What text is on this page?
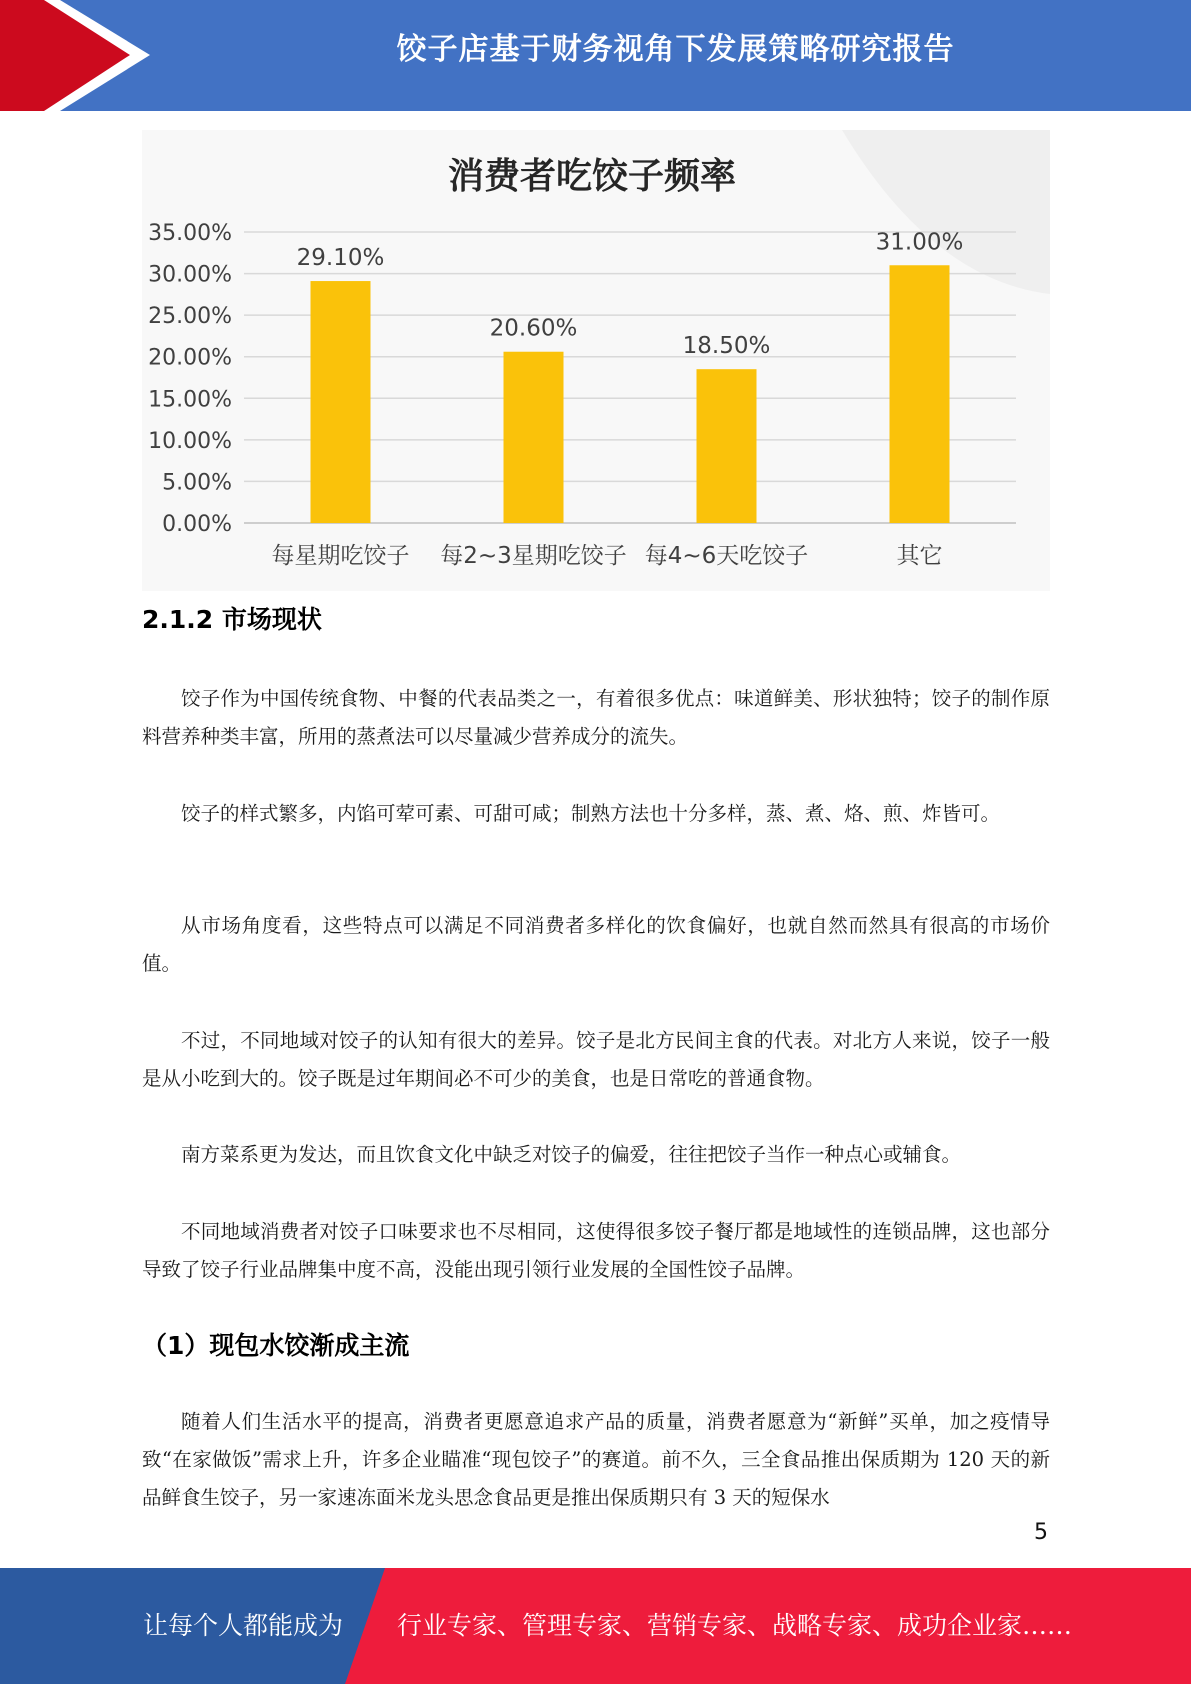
饺子店基于财务视角下发展策略研究报告
消费者吃饺子频率
0.00%
5.00%
10.00%
15.00%
20.00%
25.00%
30.00%
35.00%
29.10%
20.60%
18.50%
31.00%
每星期吃饺子 每2~3星期吃饺子 每4~6天吃饺子	其它
2.1.2 市场现状

饺子作为中国传统食物、中餐的代表品类之一，有着很多优点：味道鲜美、形状独特；饺子的制作原料营养种类丰富，所用的蒸煮法可以尽量减少营养成分的流失。

饺子的样式繁多，内馅可荤可素、可甜可咸；制熟方法也十分多样，蒸、煮、烙、煎、炸皆可。

从市场角度看，这些特点可以满足不同消费者多样化的饮食偏好，也就自然而然具有很高的市场价值。

不过，不同地域对饺子的认知有很大的差异。饺子是北方民间主食的代表。对北方人来说，饺子一般是从小吃到大的。饺子既是过年期间必不可少的美食，也是日常吃的普通食物。

南方菜系更为发达，而且饮食文化中缺乏对饺子的偏爱，往往把饺子当作一种点心或辅食。

不同地域消费者对饺子口味要求也不尽相同，这使得很多饺子餐厅都是地域性的连锁品牌，这也部分导致了饺子行业品牌集中度不高，没能出现引领行业发展的全国性饺子品牌。

（1）现包水饺渐成主流

随着人们生活水平的提高，消费者更愿意追求产品的质量，消费者愿意为“新鲜”买单，加之疫情导致“在家做饭”需求上升，许多企业瞄准“现包饺子”的赛道。前不久，三全食品推出保质期为 120 天的新品鲜食生饺子，另一家速冻面米龙头思念食品更是推出保质期只有 3 天的短保水

5
让每个人都能成为 行业专家、管理专家、营销专家、战略专家、成功企业家……
